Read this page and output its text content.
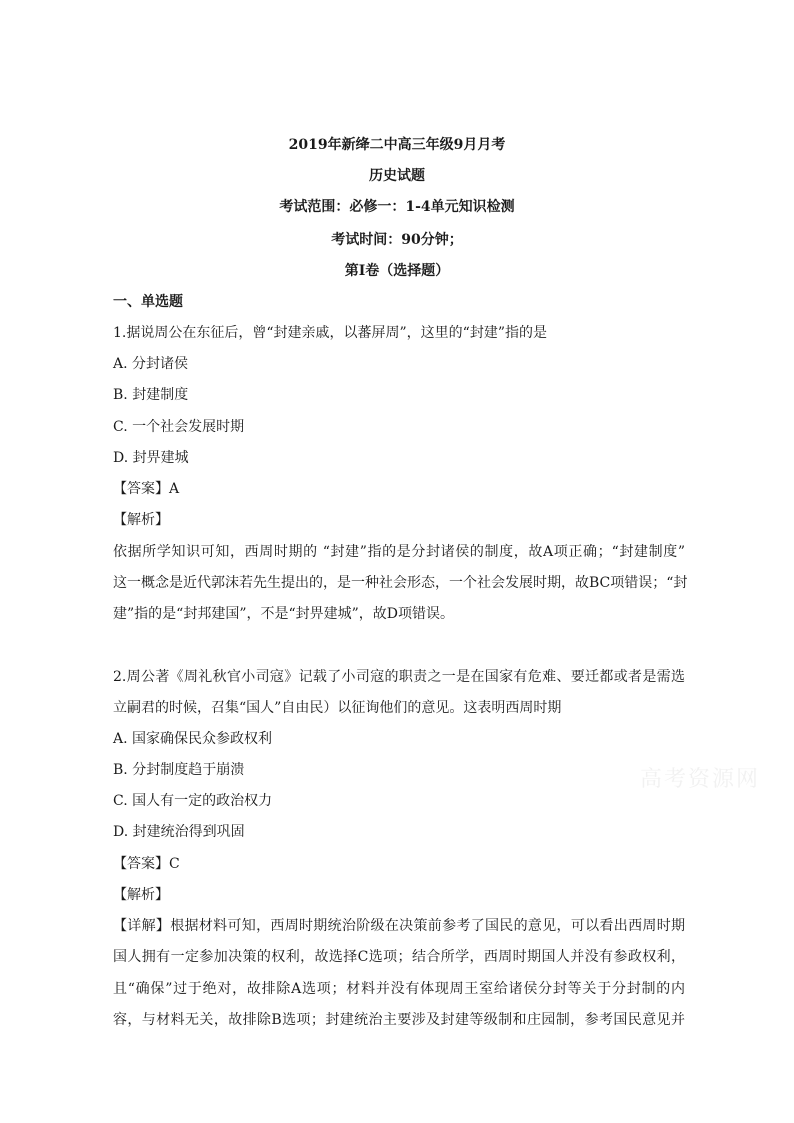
2019年新绛二中高三年级9月月考
历史试题
考试范围：必修一：1-4单元知识检测
考试时间：90分钟；
第I卷（选择题）
一、单选题
1.据说周公在东征后，曾“封建亲戚，以蕃屏周”，这里的“封建”指的是
A. 分封诸侯
B. 封建制度
C. 一个社会发展时期
D. 封畀建城
【答案】A
【解析】
依据所学知识可知，西周时期的 “封建”指的是分封诸侯的制度，故A项正确；“封建制度”
这一概念是近代郭沫若先生提出的，是一种社会形态，一个社会发展时期，故BC项错误；“封
建”指的是“封邦建国”，不是“封畀建城”，故D项错误。
2.周公著《周礼秋官小司寇》记载了小司寇的职责之一是在国家有危难、要迁都或者是需选
立嗣君的时候，召集“国人”自由民）以征询他们的意见。这表明西周时期
A. 国家确保民众参政权利
B. 分封制度趋于崩溃
C. 国人有一定的政治权力
D. 封建统治得到巩固
【答案】C
【解析】
【详解】根据材料可知，西周时期统治阶级在决策前参考了国民的意见，可以看出西周时期
国人拥有一定参加决策的权利，故选择C选项；结合所学，西周时期国人并没有参政权利，
且“确保”过于绝对，故排除A选项；材料并没有体现周王室给诸侯分封等关于分封制的内
容，与材料无关，故排除B选项；封建统治主要涉及封建等级制和庄园制，参考国民意见并
高考资源网
